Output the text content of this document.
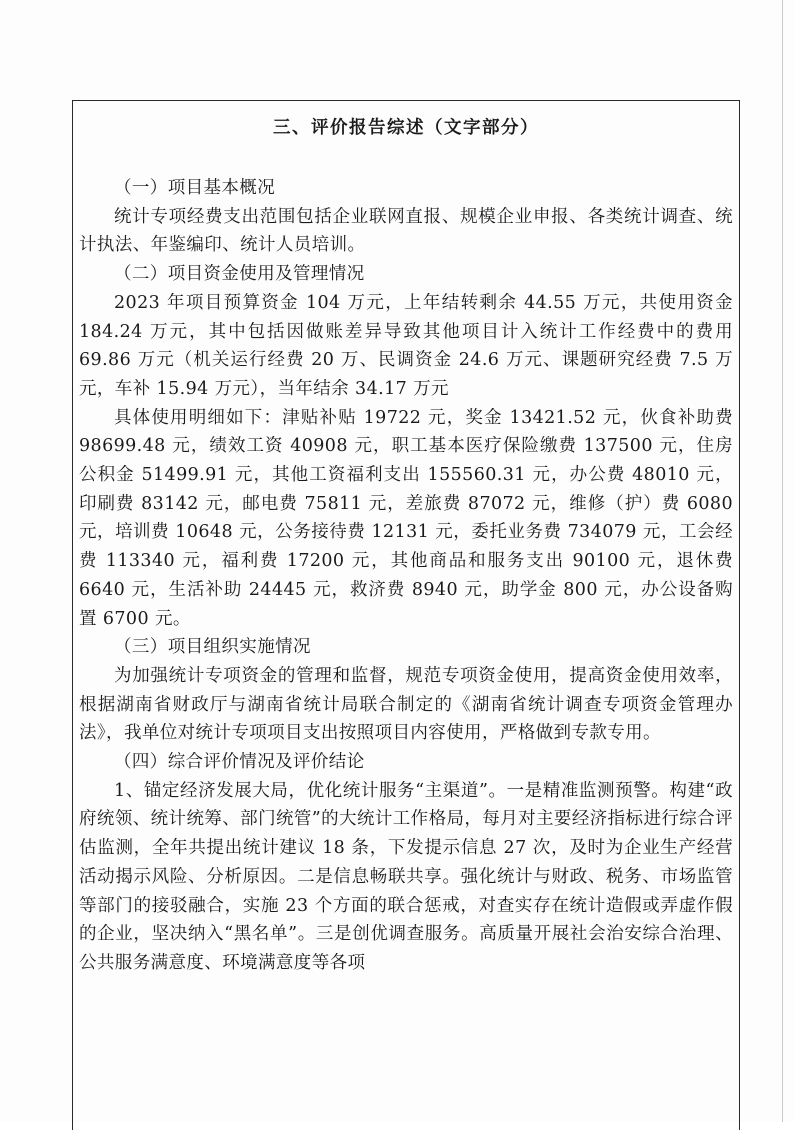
三、评价报告综述（文字部分）

（一）项目基本概况

统计专项经费支出范围包括企业联网直报、规模企业申报、各类统计调查、统计执法、年鉴编印、统计人员培训。

（二）项目资金使用及管理情况

2023 年项目预算资金 104 万元，上年结转剩余 44.55 万元，共使用资金 184.24 万元，其中包括因做账差异导致其他项目计入统计工作经费中的费用 69.86 万元（机关运行经费 20 万、民调资金 24.6 万元、课题研究经费 7.5 万元，车补 15.94 万元），当年结余 34.17 万元

具体使用明细如下：津贴补贴 19722 元，奖金 13421.52 元，伙食补助费 98699.48 元，绩效工资 40908 元，职工基本医疗保险缴费 137500 元，住房公积金 51499.91 元，其他工资福利支出 155560.31 元，办公费 48010 元，印刷费 83142 元，邮电费 75811 元，差旅费 87072 元，维修（护）费 6080 元，培训费 10648 元，公务接待费 12131 元，委托业务费 734079 元，工会经费 113340 元，福利费 17200 元，其他商品和服务支出 90100 元，退休费 6640 元，生活补助 24445 元，救济费 8940 元，助学金 800 元，办公设备购置 6700 元。

（三）项目组织实施情况

为加强统计专项资金的管理和监督，规范专项资金使用，提高资金使用效率，根据湖南省财政厅与湖南省统计局联合制定的《湖南省统计调查专项资金管理办法》，我单位对统计专项项目支出按照项目内容使用，严格做到专款专用。

（四）综合评价情况及评价结论

1、锚定经济发展大局，优化统计服务“主渠道”。一是精准监测预警。构建“政府统领、统计统筹、部门统管”的大统计工作格局，每月对主要经济指标进行综合评估监测，全年共提出统计建议 18 条，下发提示信息 27 次，及时为企业生产经营活动揭示风险、分析原因。二是信息畅联共享。强化统计与财政、税务、市场监管等部门的接驳融合，实施 23 个方面的联合惩戒，对查实存在统计造假或弄虚作假的企业，坚决纳入“黑名单”。三是创优调查服务。高质量开展社会治安综合治理、公共服务满意度、环境满意度等各项
